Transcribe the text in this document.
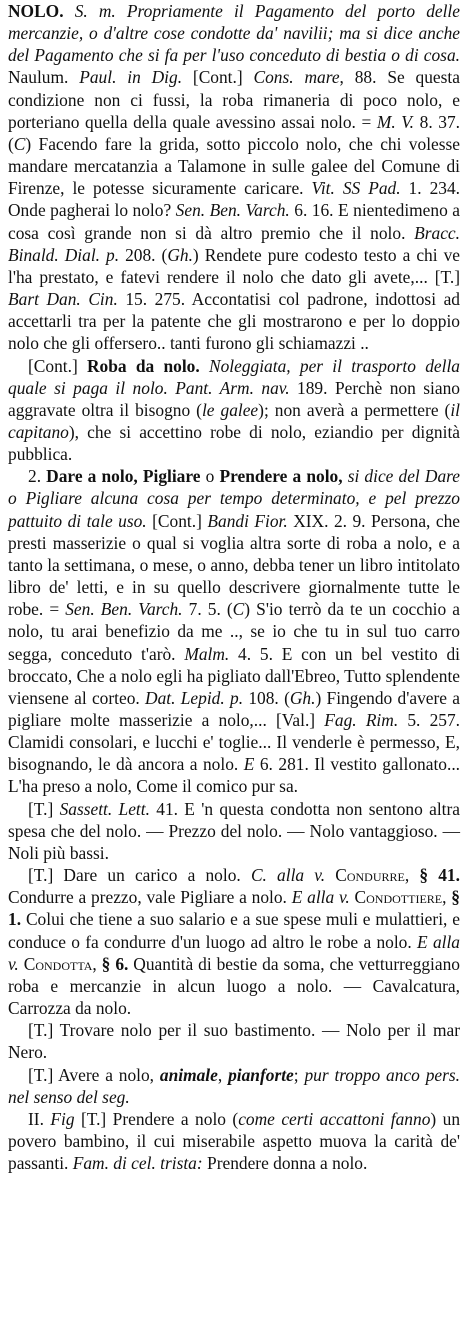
NOLO. S. m. Propriamente il Pagamento del porto delle mercanzie, o d'altre cose condotte da' navilii; ma si dice anche del Pagamento che si fa per l'uso conceduto di bestia o di cosa. Naulum. Paul. in Dig. [Cont.] Cons. mare, 88. Se questa condizione non ci fussi, la roba rimaneria di poco nolo, e porteriano quella della quale avessino assai nolo. = M. V. 8. 37. (C) Facendo fare la grida, sotto piccolo nolo, che chi volesse mandare mercatanzia a Talamone in sulle galee del Comune di Firenze, le potesse sicuramente caricare. Vit. SS Pad. 1. 234. Onde pagherai lo nolo? Sen. Ben. Varch. 6. 16. E nientedimeno a cosa così grande non si dà altro premio che il nolo. Bracc. Binald. Dial. p. 208. (Gh.) Rendete pure codesto testo a chi ve l'ha prestato, e fatevi rendere il nolo che dato gli avete,... [T.] Bart Dan. Cin. 15. 275. Accontatisi col padrone, indottosi ad accettarli tra per la patente che gli mostrarono e per lo doppio nolo che gli offersero.. tanti furono gli schiamazzi ..

[Cont.] Roba da nolo. Noleggiata, per il trasporto della quale si paga il nolo. Pant. Arm. nav. 189. Perchè non siano aggravate oltra il bisogno (le galee); non averà a permettere (il capitano), che si accettino robe di nolo, eziandio per dignità pubblica.

2. Dare a nolo, Pigliare o Prendere a nolo, si dice del Dare o Pigliare alcuna cosa per tempo determinato, e pel prezzo pattuito di tale uso. [Cont.] Bandi Fior. XIX. 2. 9. Persona, che presti masserizie o qual si voglia altra sorte di roba a nolo, e a tanto la settimana, o mese, o anno, debba tener un libro intitolato libro de' letti, e in su quello descrivere giornalmente tutte le robe. = Sen. Ben. Varch. 7. 5. (C) S'io terrò da te un cocchio a nolo, tu arai benefizio da me .., se io che tu in sul tuo carro segga, conceduto t'arò. Malm. 4. 5. E con un bel vestito di broccato, Che a nolo egli ha pigliato dall'Ebreo, Tutto splendente viensene al corteo. Dat. Lepid. p. 108. (Gh.) Fingendo d'avere a pigliare molte masserizie a nolo,... [Val.] Fag. Rim. 5. 257. Clamidi consolari, e lucchi e' toglie... Il venderle è permesso, E, bisognando, le dà ancora a nolo. E 6. 281. Il vestito gallonato... L'ha preso a nolo, Come il comico pur sa.

[T.] Sassett. Lett. 41. E 'n questa condotta non sentono altra spesa che del nolo. — Prezzo del nolo. — Nolo vantaggioso. — Noli più bassi.

[T.] Dare un carico a nolo. C. alla v. Condurre, § 41. Condurre a prezzo, vale Pigliare a nolo. E alla v. Condottiere, § 1. Colui che tiene a suo salario e a sue spese muli e mulattieri, e conduce o fa condurre d'un luogo ad altro le robe a nolo. E alla v. Condotta, § 6. Quantità di bestie da soma, che vetturreggiano roba e mercanzie in alcun luogo a nolo. — Cavalcatura, Carrozza da nolo.

[T.] Trovare nolo per il suo bastimento. — Nolo per il mar Nero.

[T.] Avere a nolo, animale, pianforte; pur troppo anco pers. nel senso del seg.

II. Fig [T.] Prendere a nolo (come certi accattoni fanno) un povero bambino, il cui miserabile aspetto muova la carità de' passanti. Fam. di cel. trista: Prendere donna a nolo.
